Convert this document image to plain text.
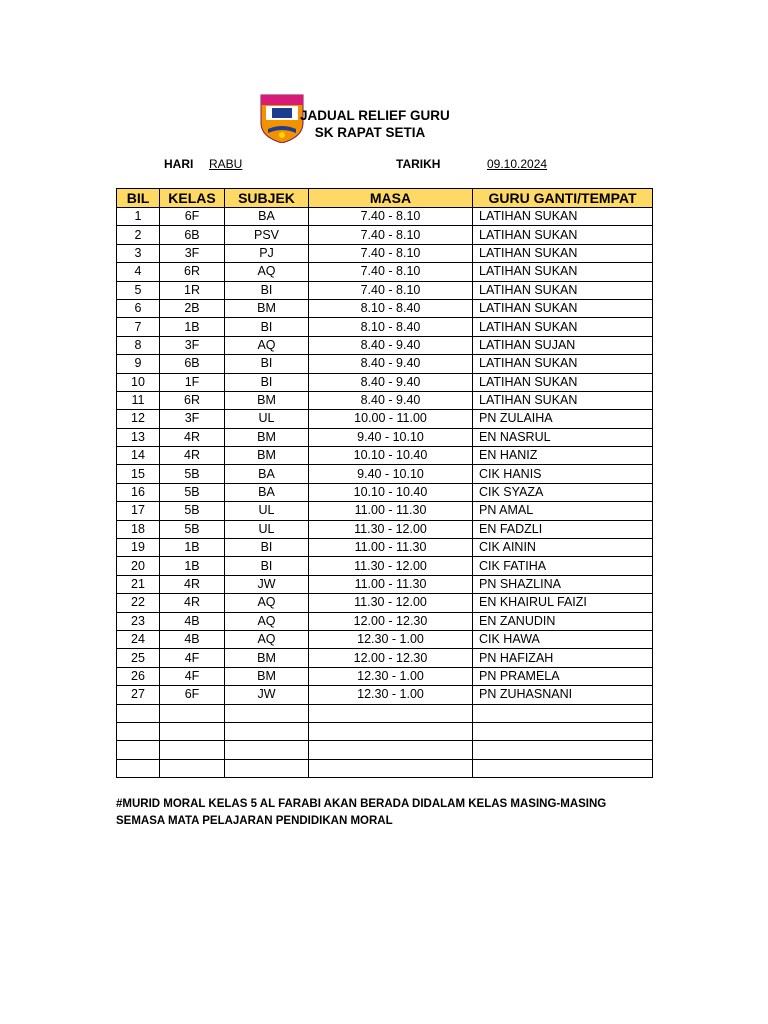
JADUAL RELIEF GURU
SK RAPAT SETIA
HARI RABU	TARIKH	09.10.2024
BIL	KELAS	SUBJEK	MASA	GURU GANTI/TEMPAT
1	6F	BA	7.40 - 8.10	LATIHAN SUKAN
2	6B	PSV	7.40 - 8.10	LATIHAN SUKAN
3	3F	PJ	7.40 - 8.10	LATIHAN SUKAN
4	6R	AQ	7.40 - 8.10	LATIHAN SUKAN
5	1R	BI	7.40 - 8.10	LATIHAN SUKAN
6	2B	BM	8.10 - 8.40	LATIHAN SUKAN
7	1B	BI	8.10 - 8.40	LATIHAN SUKAN
8	3F	AQ	8.40 - 9.40	LATIHAN SUJAN
9	6B	BI	8.40 - 9.40	LATIHAN SUKAN
10	1F	BI	8.40 - 9.40	LATIHAN SUKAN
11	6R	BM	8.40 - 9.40	LATIHAN SUKAN
12	3F	UL	10.00 - 11.00	PN ZULAIHA
13	4R	BM	9.40 - 10.10	EN NASRUL
14	4R	BM	10.10 - 10.40	EN HANIZ
15	5B	BA	9.40 - 10.10	CIK HANIS
16	5B	BA	10.10 - 10.40	CIK SYAZA
17	5B	UL	11.00 - 11.30	PN AMAL
18	5B	UL	11.30 - 12.00	EN FADZLI
19	1B	BI	11.00 - 11.30	CIK AININ
20	1B	BI	11.30 - 12.00	CIK FATIHA
21	4R	JW	11.00 - 11.30	PN SHAZLINA
22	4R	AQ	11.30 - 12.00	EN KHAIRUL FAIZI
23	4B	AQ	12.00 - 12.30	EN ZANUDIN
24	4B	AQ	12.30 - 1.00	CIK HAWA
25	4F	BM	12.00 - 12.30	PN HAFIZAH
26	4F	BM	12.30 - 1.00	PN PRAMELA
27	6F	JW	12.30 - 1.00	PN ZUHASNANI

#MURID MORAL KELAS 5 AL FARABI AKAN BERADA DIDALAM KELAS MASING-MASING
SEMASA MATA PELAJARAN PENDIDIKAN MORAL
